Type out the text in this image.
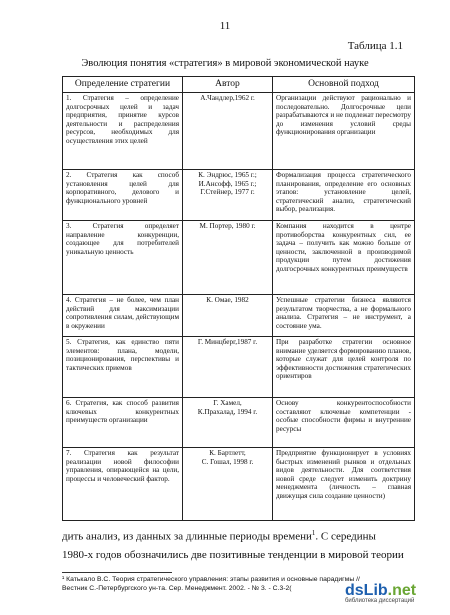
11
Таблица 1.1
Эволюция понятия «стратегия» в мировой экономической науке
Определение стратегии	Автор	Основной подход

1. Стратегия – определение долгосрочных целей и задач предприятия, принятие курсов деятельности и распределения ресурсов, необходимых для осуществления этих целей	А.Чандлер,1962 г.	Организации действуют рационально и последовательно. Долгосрочные цели разрабатываются и не подлежат пересмотру до изменения условий среды функционирования организации

2. Стратегия как способ установления целей для корпоративного, делового и функционального уровней	К. Эндрюс, 1965 г.;
И.Ансофф, 1965 г.;
Г.Стейнер, 1977 г.	Формализация процесса стратегического планирования, определение его основных этапов: установление целей, стратегический анализ, стратегический выбор, реализация.

3. Стратегия определяет направление конкуренции, создающее для потребителей уникальную ценность	М. Портер, 1980 г.	Компания находится в центре противоборства конкурентных сил, ее задача – получить как можно больше от ценности, заключенной в производимой продукции путем достижения долгосрочных конкурентных преимуществ

4. Стратегия – не более, чем план действий для максимизации сопротивления силам, действующим в окружении	К. Омае, 1982	Успешные стратегии бизнеса являются результатом творчества, а не формального анализа. Стратегия – не инструмент, а состояние ума.

5. Стратегия, как единство пяти элементов: плана, модели, позиционирования, перспективы и тактических приемов	Г. Минцберг,1987 г.	При разработке стратегии основное внимание уделяется формированию планов, которые служат для целей контроля по эффективности достижения стратегических ориентиров

6. Стратегия, как способ развития ключевых конкурентных преимуществ организации	Г. Хамел,
К.Прахалад, 1994 г.	Основу конкурентоспособности составляют ключевые компетенции - особые способности фирмы и внутренние ресурсы

7. Стратегия как результат реализации новой философии управления, опирающейся на цели, процессы и человеческий фактор.	К. Бартлетт,
С. Гошал, 1998 г.	Предприятие функционирует в условиях быстрых изменений рынков и отдельных видов деятельности. Для соответствия новой среде следует изменить доктрину менеджмента (личность – главная движущая сила создание ценности)
дить анализ, из данных за длинные периоды времени$^1$. С середины
1980-х годов обозначились две позитивные тенденции в мировой теории
¹ Катькало В.С. Теория стратегического управления: этапы развития и основные парадигмы // Вестник С.-Петербургского ун-та. Сер. Менеджмент. 2002. - № 3. - С.3-2(	dsLib.net
библиотека диссертаций
